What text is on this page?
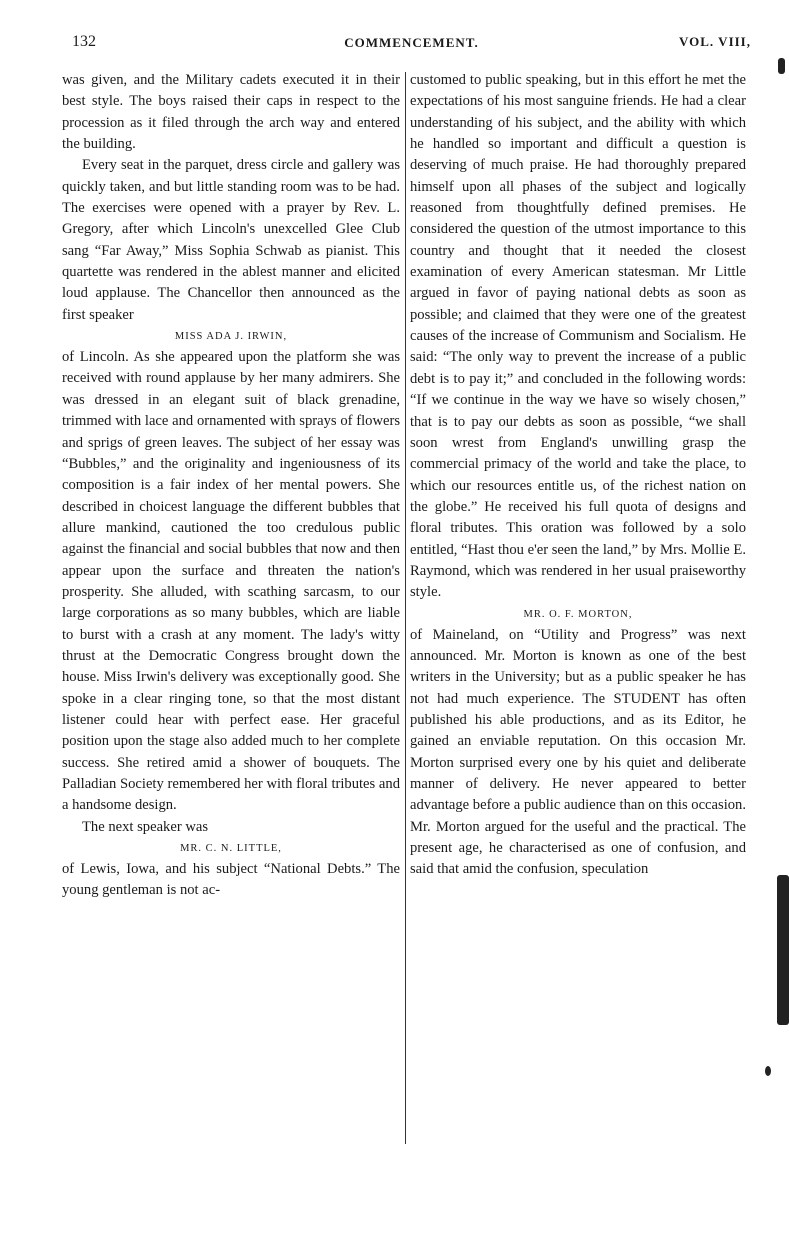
132	COMMENCEMENT.	VOL. VIII,

was given, and the Military cadets executed it in their best style. The boys raised their caps in respect to the procession as it filed through the arch way and entered the building.

Every seat in the parquet, dress circle and gallery was quickly taken, and but little standing room was to be had. The exercises were opened with a prayer by Rev. L. Gregory, after which Lincoln's unexcelled Glee Club sang “Far Away,” Miss Sophia Schwab as pianist. This quartette was rendered in the ablest manner and elicited loud applause. The Chancellor then announced as the first speaker

MISS ADA J. IRWIN,

of Lincoln. As she appeared upon the platform she was received with round applause by her many admirers. She was dressed in an elegant suit of black grenadine, trimmed with lace and ornamented with sprays of flowers and sprigs of green leaves. The subject of her essay was “Bubbles,” and the originality and ingeniousness of its composition is a fair index of her mental powers. She described in choicest language the different bubbles that allure mankind, cautioned the too credulous public against the financial and social bubbles that now and then appear upon the surface and threaten the nation's prosperity. She alluded, with scathing sarcasm, to our large corporations as so many bubbles, which are liable to burst with a crash at any moment. The lady's witty thrust at the Democratic Congress brought down the house. Miss Irwin's delivery was exceptionally good. She spoke in a clear ringing tone, so that the most distant listener could hear with perfect ease. Her graceful position upon the stage also added much to her complete success. She retired amid a shower of bouquets. The Palladian Society remembered her with floral tributes and a handsome design.

The next speaker was

MR. C. N. LITTLE,

of Lewis, Iowa, and his subject “National Debts.” The young gentleman is not ac-

customed to public speaking, but in this effort he met the expectations of his most sanguine friends. He had a clear understanding of his subject, and the ability with which he handled so important and difficult a question is deserving of much praise. He had thoroughly prepared himself upon all phases of the subject and logically reasoned from thoughtfully defined premises. He considered the question of the utmost importance to this country and thought that it needed the closest examination of every American statesman. Mr Little argued in favor of paying national debts as soon as possible; and claimed that they were one of the greatest causes of the increase of Communism and Socialism. He said: “The only way to prevent the increase of a public debt is to pay it;” and concluded in the following words: “If we continue in the way we have so wisely chosen,” that is to pay our debts as soon as possible, “we shall soon wrest from England's unwilling grasp the commercial primacy of the world and take the place, to which our resources entitle us, of the richest nation on the globe.” He received his full quota of designs and floral tributes. This oration was followed by a solo entitled, “Hast thou e'er seen the land,” by Mrs. Mollie E. Raymond, which was rendered in her usual praiseworthy style.

MR. O. F. MORTON,

of Maineland, on “Utility and Progress” was next announced. Mr. Morton is known as one of the best writers in the University; but as a public speaker he has not had much experience. The STUDENT has often published his able productions, and as its Editor, he gained an enviable reputation. On this occasion Mr. Morton surprised every one by his quiet and deliberate manner of delivery. He never appeared to better advantage before a public audience than on this occasion. Mr. Morton argued for the useful and the practical. The present age, he characterised as one of confusion, and said that amid the confusion, speculation
